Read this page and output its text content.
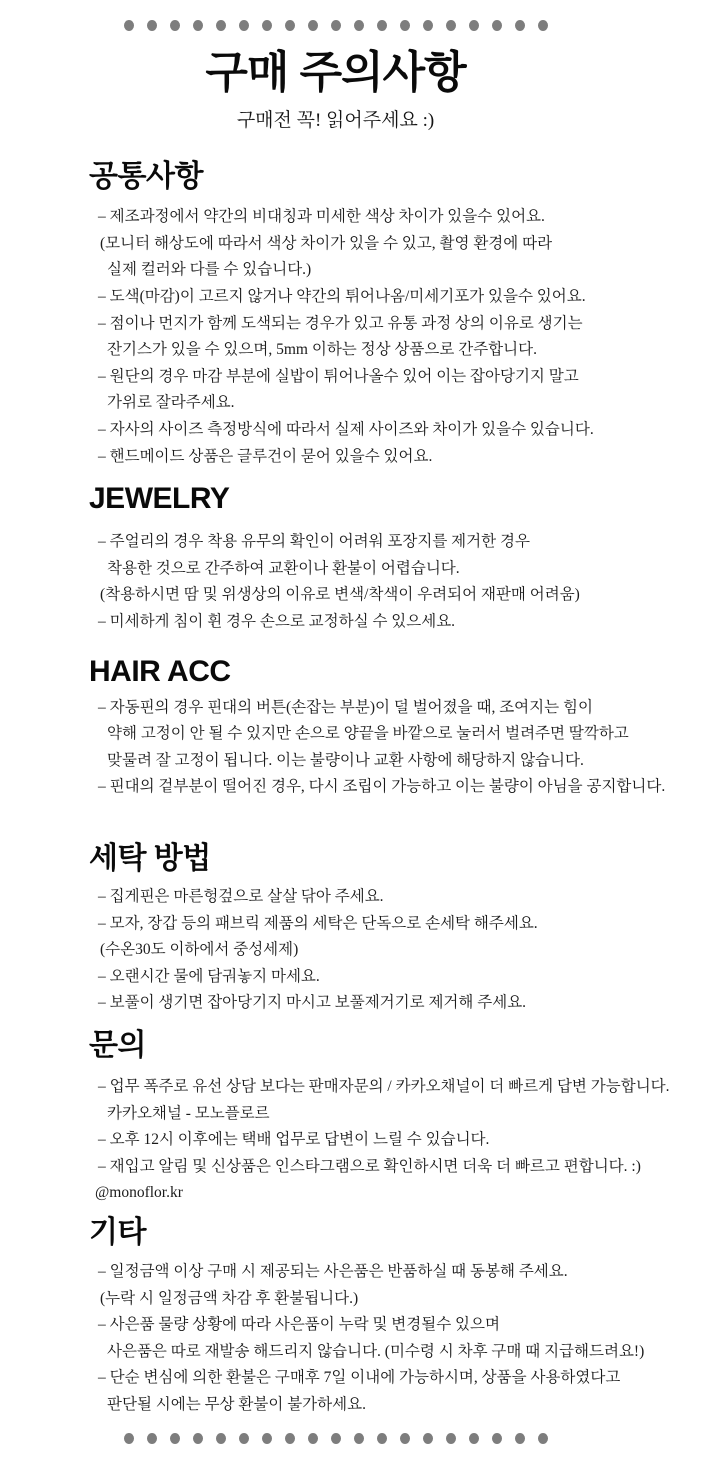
구매 주의사항

구매전 꼭! 읽어주세요 :)

공통사항
– 제조과정에서 약간의 비대칭과 미세한 색상 차이가 있을수 있어요.
(모니터 해상도에 따라서 색상 차이가 있을 수 있고, 촬영 환경에 따라
실제 컬러와 다를 수 있습니다.)
– 도색(마감)이 고르지 않거나 약간의 튀어나옴/미세기포가 있을수 있어요.
– 점이나 먼지가 함께 도색되는 경우가 있고 유통 과정 상의 이유로 생기는
잔기스가 있을 수 있으며, 5mm 이하는 정상 상품으로 간주합니다.
– 원단의 경우 마감 부분에 실밥이 튀어나올수 있어 이는 잡아당기지 말고
가위로 잘라주세요.
– 자사의 사이즈 측정방식에 따라서 실제 사이즈와 차이가 있을수 있습니다.
– 핸드메이드 상품은 글루건이 묻어 있을수 있어요.
JEWELRY
– 주얼리의 경우 착용 유무의 확인이 어려워 포장지를 제거한 경우
착용한 것으로 간주하여 교환이나 환불이 어렵습니다.
(착용하시면 땀 및 위생상의 이유로 변색/착색이 우려되어 재판매 어려움)
– 미세하게 침이 휜 경우 손으로 교정하실 수 있으세요.
HAIR ACC
– 자동핀의 경우 핀대의 버튼(손잡는 부분)이 덜 벌어졌을 때, 조여지는 힘이
약해 고정이 안 될 수 있지만 손으로 양끝을 바깥으로 눌러서 벌려주면 딸깍하고
맞물려 잘 고정이 됩니다. 이는 불량이나 교환 사항에 해당하지 않습니다.
– 핀대의 겉부분이 떨어진 경우, 다시 조립이 가능하고 이는 불량이 아님을 공지합니다.
세탁 방법
– 집게핀은 마른헝겊으로 살살 닦아 주세요.
– 모자, 장갑 등의 패브릭 제품의 세탁은 단독으로 손세탁 해주세요.
(수온30도 이하에서 중성세제)
– 오랜시간 물에 담궈놓지 마세요.
– 보풀이 생기면 잡아당기지 마시고 보풀제거기로 제거해 주세요.
문의
– 업무 폭주로 유선 상담 보다는 판매자문의 / 카카오채널이 더 빠르게 답변 가능합니다.
카카오채널 - 모노플로르
– 오후 12시 이후에는 택배 업무로 답변이 느릴 수 있습니다.
– 재입고 알림 및 신상품은 인스타그램으로 확인하시면 더욱 더 빠르고 편합니다. :)
@monoflor.kr
기타
– 일정금액 이상 구매 시 제공되는 사은품은 반품하실 때 동봉해 주세요.
(누락 시 일정금액 차감 후 환불됩니다.)
– 사은품 물량 상황에 따라 사은품이 누락 및 변경될수 있으며
사은품은 따로 재발송 해드리지 않습니다. (미수령 시 차후 구매 때 지급해드려요!)
– 단순 변심에 의한 환불은 구매후 7일 이내에 가능하시며, 상품을 사용하였다고
판단될 시에는 무상 환불이 불가하세요.
